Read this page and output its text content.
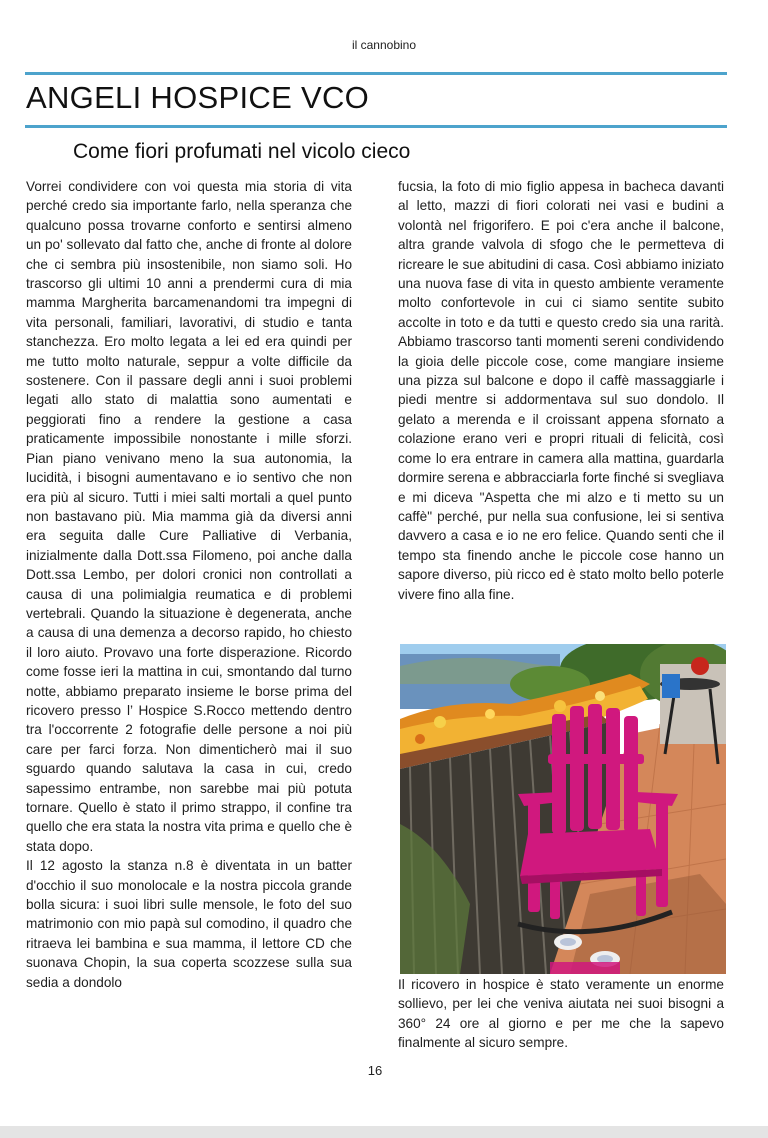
il cannobino
ANGELI HOSPICE VCO
Come fiori profumati nel vicolo cieco

Vorrei condividere con voi questa mia storia di vita perché credo sia importante farlo, nella speranza che qualcuno possa trovarne conforto e sentirsi almeno un po' sollevato dal fatto che, anche di fronte al dolore che ci sembra più insostenibile, non siamo soli. Ho trascorso gli ultimi 10 anni a prendermi cura di mia mamma Margherita barcamenandomi tra impegni di vita personali, familiari, lavorativi, di studio e tanta stanchezza. Ero molto legata a lei ed era quindi per me tutto molto naturale, seppur a volte difficile da sostenere. Con il passare degli anni i suoi problemi legati allo stato di malattia sono aumentati e peggiorati fino a rendere la gestione a casa praticamente impossibile nonostante i mille sforzi. Pian piano venivano meno la sua autonomia, la lucidità, i bisogni aumentavano e io sentivo che non era più al sicuro. Tutti i miei salti mortali a quel punto non bastavano più. Mia mamma già da diversi anni era seguita dalle Cure Palliative di Verbania, inizialmente dalla Dott.ssa Filomeno, poi anche dalla Dott.ssa Lembo, per dolori cronici non controllati a causa di una polimialgia reumatica e di problemi vertebrali. Quando la situazione è degenerata, anche a causa di una demenza a decorso rapido, ho chiesto il loro aiuto. Provavo una forte disperazione. Ricordo come fosse ieri la mattina in cui, smontando dal turno notte, abbiamo preparato insieme le borse prima del ricovero presso l’ Hospice S.Rocco mettendo dentro tra l'occorrente 2 fotografie delle persone a noi più care per farci forza. Non dimenticherò mai il suo sguardo quando salutava la casa in cui, credo sapessimo entrambe, non sarebbe mai più potuta tornare. Quello è stato il primo strappo, il confine tra quello che era stata la nostra vita prima e quello che è stata dopo.

Il 12 agosto la stanza n.8 è diventata in un batter d'occhio il suo monolocale e la nostra piccola grande bolla sicura: i suoi libri sulle mensole, le foto del suo matrimonio con mio papà sul comodino, il quadro che ritraeva lei bambina e sua mamma, il lettore CD che suonava Chopin, la sua coperta scozzese sulla sua sedia a dondolo

fucsia, la foto di mio figlio appesa in bacheca davanti al letto, mazzi di fiori colorati nei vasi e budini a volontà nel frigorifero. E poi c'era anche il balcone, altra grande valvola di sfogo che le permetteva di ricreare le sue abitudini di casa. Così abbiamo iniziato una nuova fase di vita in questo ambiente veramente molto confortevole in cui ci siamo sentite subito accolte in toto e da tutti e questo credo sia una rarità. Abbiamo trascorso tanti momenti sereni condividendo la gioia delle piccole cose, come mangiare insieme una pizza sul balcone e dopo il caffè massaggiarle i piedi mentre si addormentava sul suo dondolo. Il gelato a merenda e il croissant appena sfornato a colazione erano veri e propri rituali di felicità, così come lo era entrare in camera alla mattina, guardarla dormire serena e abbracciarla forte finché si svegliava e mi diceva "Aspetta che mi alzo e ti metto su un caffè" perché, pur nella sua confusione, lei si sentiva davvero a casa e io ne ero felice. Quando senti che il tempo sta finendo anche le piccole cose hanno un sapore diverso, più ricco ed è stato molto bello poterle vivere fino alla fine.

Il ricovero in hospice è stato veramente un enorme sollievo, per lei che veniva aiutata nei suoi bisogni a 360° 24 ore al giorno e per me che la sapevo finalmente al sicuro sempre.

16
